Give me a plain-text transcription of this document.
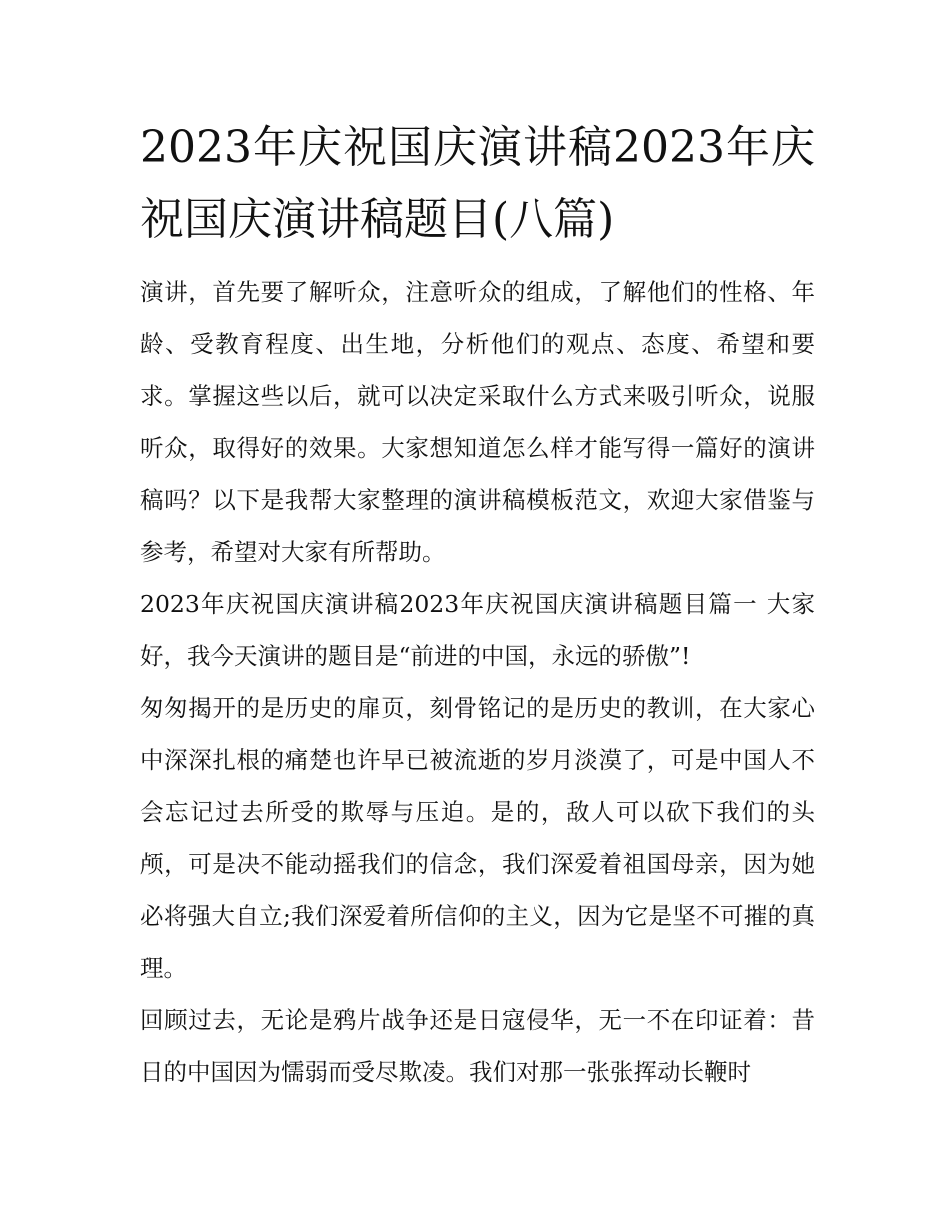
2023年庆祝国庆演讲稿2023年庆祝国庆演讲稿题目(八篇)

演讲，首先要了解听众，注意听众的组成，了解他们的性格、年龄、受教育程度、出生地，分析他们的观点、态度、希望和要求。掌握这些以后，就可以决定采取什么方式来吸引听众，说服听众，取得好的效果。大家想知道怎么样才能写得一篇好的演讲稿吗？以下是我帮大家整理的演讲稿模板范文，欢迎大家借鉴与参考，希望对大家有所帮助。

2023年庆祝国庆演讲稿2023年庆祝国庆演讲稿题目篇一 大家好，我今天演讲的题目是“前进的中国，永远的骄傲”!

匆匆揭开的是历史的扉页，刻骨铭记的是历史的教训，在大家心中深深扎根的痛楚也许早已被流逝的岁月淡漠了，可是中国人不会忘记过去所受的欺辱与压迫。是的，敌人可以砍下我们的头颅，可是决不能动摇我们的信念，我们深爱着祖国母亲，因为她必将强大自立;我们深爱着所信仰的主义，因为它是坚不可摧的真理。

回顾过去，无论是鸦片战争还是日寇侵华，无一不在印证着：昔日的中国因为懦弱而受尽欺凌。我们对那一张张挥动长鞭时
